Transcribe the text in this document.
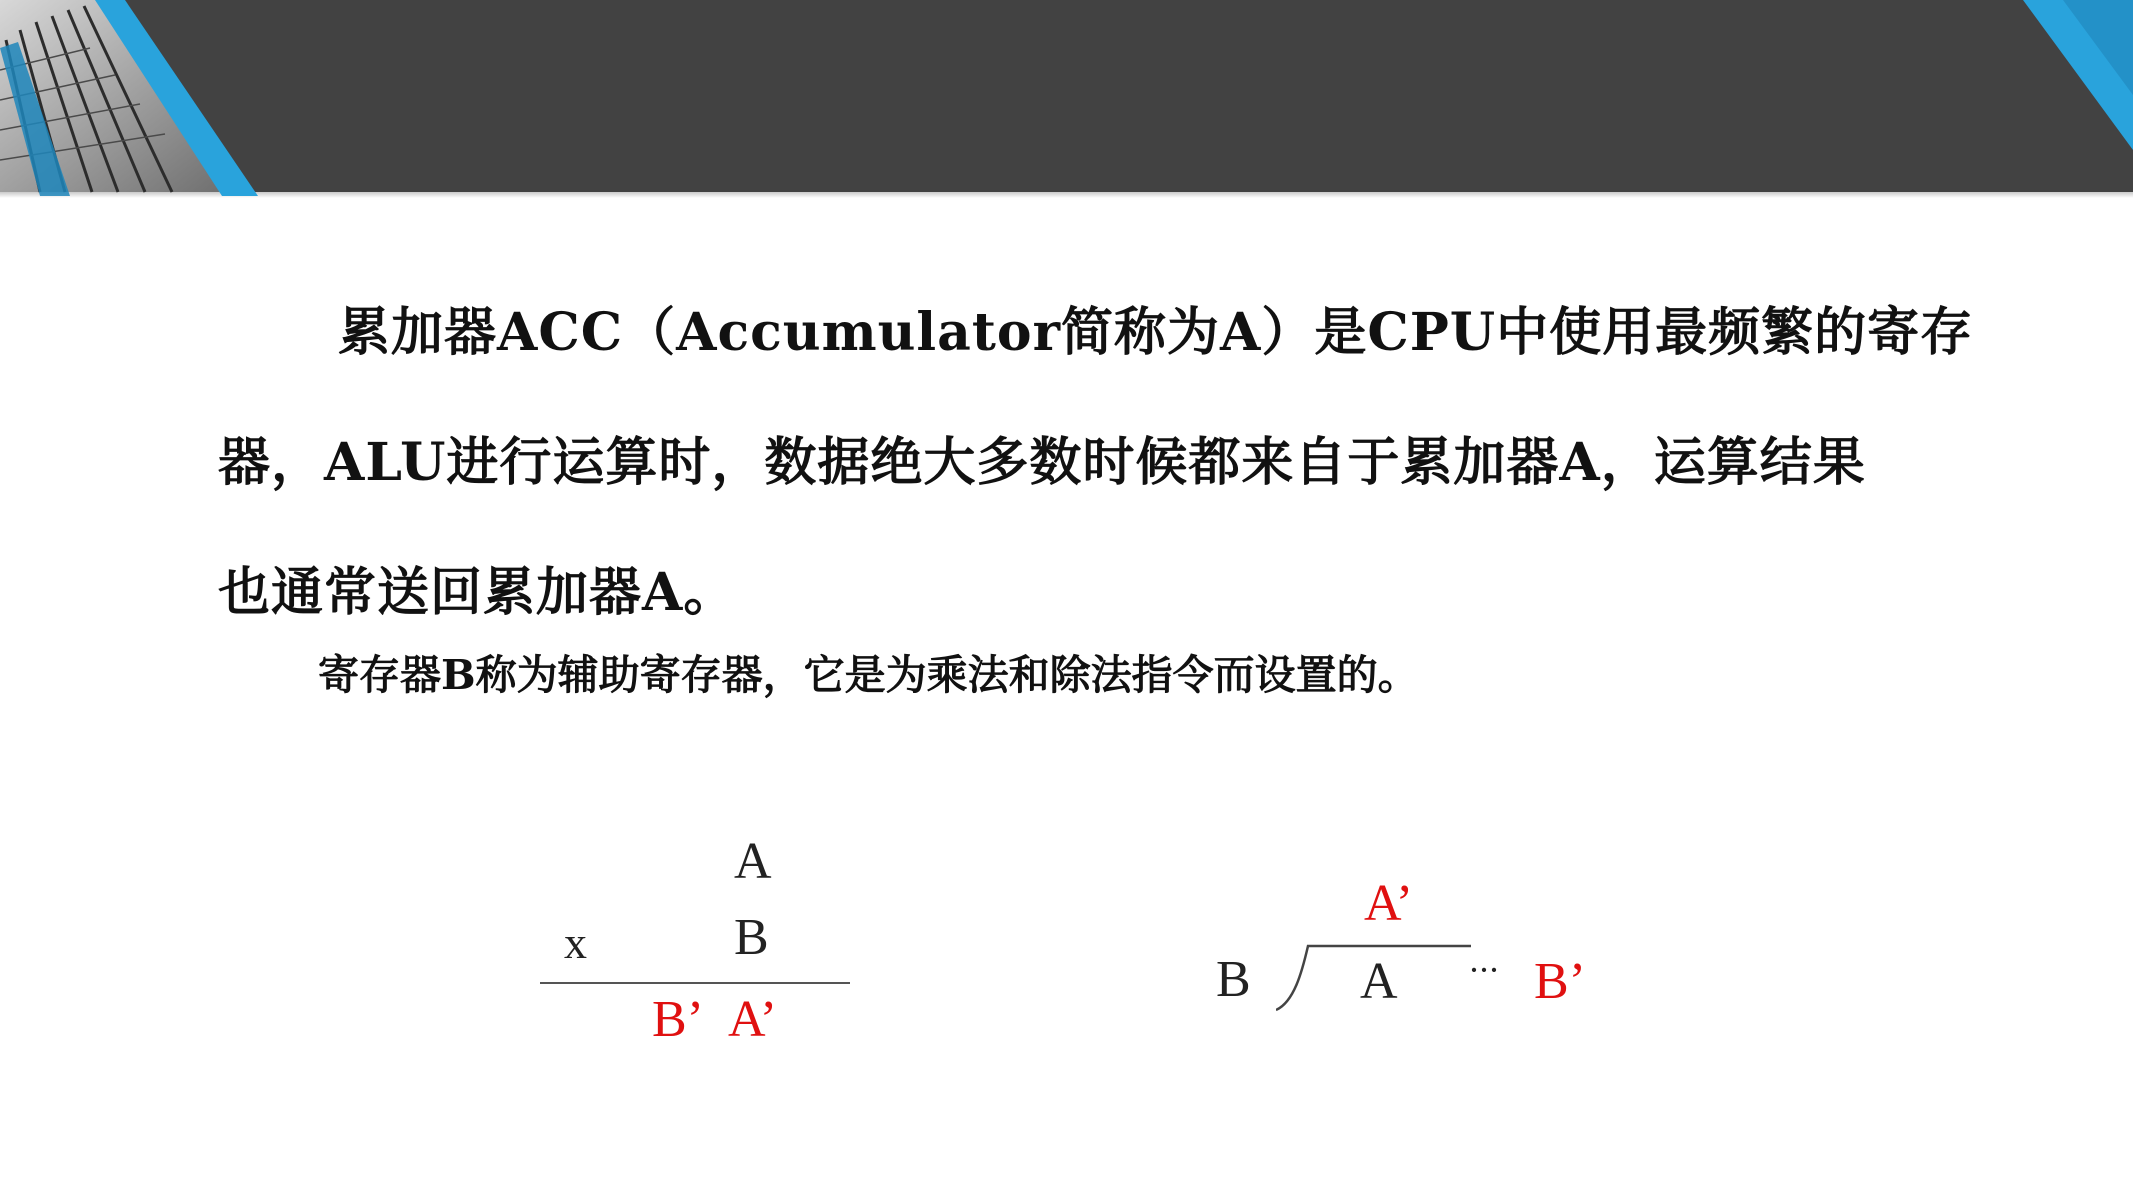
累加器ACC（Accumulator简称为A）是CPU中使用最频繁的寄存

器，ALU进行运算时，数据绝大多数时候都来自于累加器A，运算结果

也通常送回累加器A。

寄存器B称为辅助寄存器，它是为乘法和除法指令而设置的。
A
x	B
B’ A’
A’
B A ··· B’
